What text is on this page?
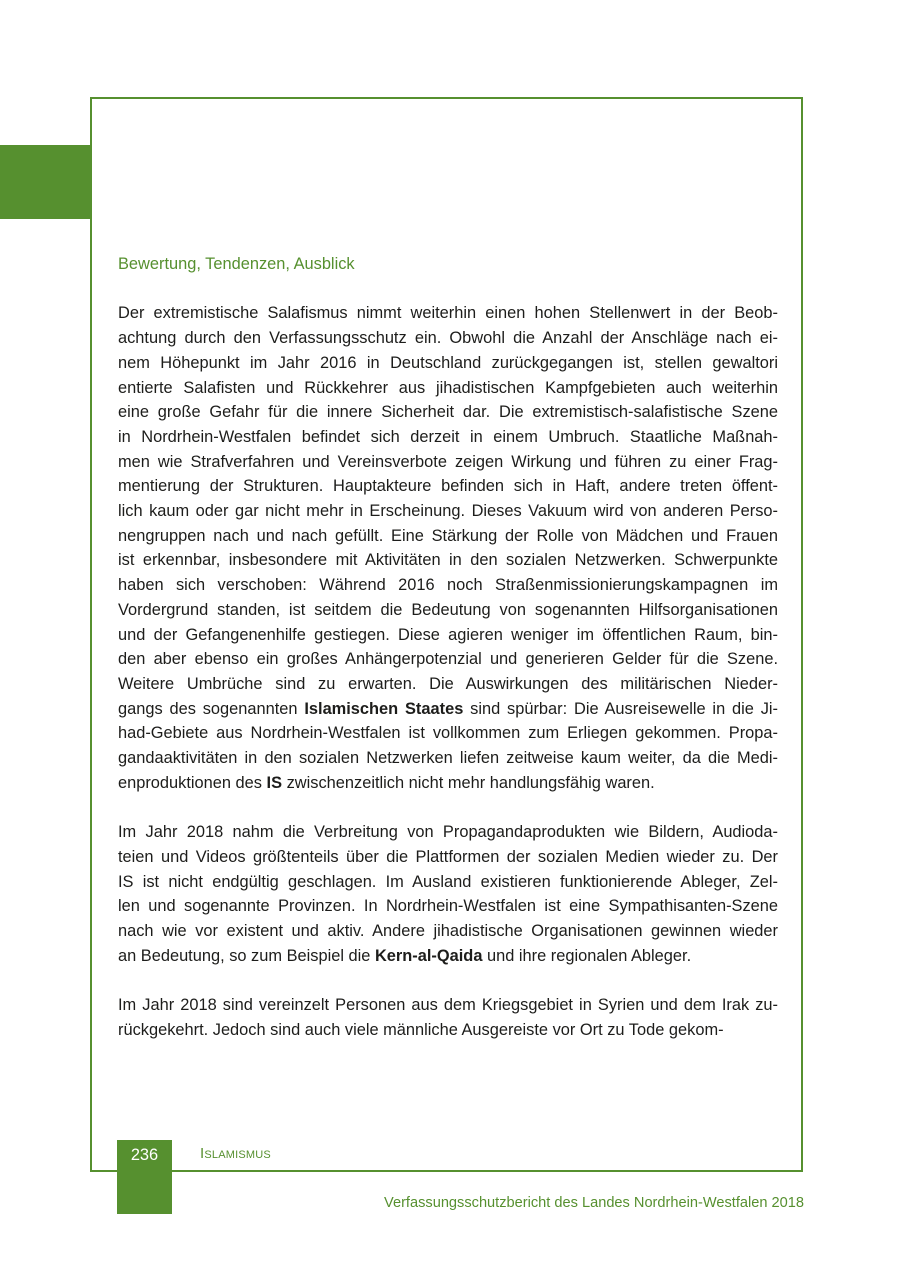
Bewertung, Tendenzen, Ausblick

Der extremistische Salafismus nimmt weiterhin einen hohen Stellenwert in der Beob-
achtung durch den Verfassungsschutz ein. Obwohl die Anzahl der Anschläge nach ei-
nem Höhepunkt im Jahr 2016 in Deutschland zurückgegangen ist, stellen gewaltori
entierte Salafisten und Rückkehrer aus jihadistischen Kampfgebieten auch weiterhin
eine große Gefahr für die innere Sicherheit dar. Die extremistisch-salafistische Szene
in Nordrhein-Westfalen befindet sich derzeit in einem Umbruch. Staatliche Maßnah-
men wie Strafverfahren und Vereinsverbote zeigen Wirkung und führen zu einer Frag-
mentierung der Strukturen. Hauptakteure befinden sich in Haft, andere treten öffent-
lich kaum oder gar nicht mehr in Erscheinung. Dieses Vakuum wird von anderen Perso-
nengruppen nach und nach gefüllt. Eine Stärkung der Rolle von Mädchen und Frauen
ist erkennbar, insbesondere mit Aktivitäten in den sozialen Netzwerken. Schwerpunkte
haben sich verschoben: Während 2016 noch Straßenmissionierungskampagnen im
Vordergrund standen, ist seitdem die Bedeutung von sogenannten Hilfsorganisationen
und der Gefangenenhilfe gestiegen. Diese agieren weniger im öffentlichen Raum, bin-
den aber ebenso ein großes Anhängerpotenzial und generieren Gelder für die Szene.
Weitere Umbrüche sind zu erwarten. Die Auswirkungen des militärischen Nieder-
gangs des sogenannten Islamischen Staates sind spürbar: Die Ausreisewelle in die Ji-
had-Gebiete aus Nordrhein-Westfalen ist vollkommen zum Erliegen gekommen. Propa-
gandaaktivitäten in den sozialen Netzwerken liefen zeitweise kaum weiter, da die Medi-
enproduktionen des IS zwischenzeitlich nicht mehr handlungsfähig waren.

Im Jahr 2018 nahm die Verbreitung von Propagandaprodukten wie Bildern, Audioda-
teien und Videos größtenteils über die Plattformen der sozialen Medien wieder zu. Der
IS ist nicht endgültig geschlagen. Im Ausland existieren funktionierende Ableger, Zel-
len und sogenannte Provinzen. In Nordrhein-Westfalen ist eine Sympathisanten-Szene
nach wie vor existent und aktiv. Andere jihadistische Organisationen gewinnen wieder
an Bedeutung, so zum Beispiel die Kern-al-Qaida und ihre regionalen Ableger.

Im Jahr 2018 sind vereinzelt Personen aus dem Kriegsgebiet in Syrien und dem Irak zu-
rückgekehrt. Jedoch sind auch viele männliche Ausgereiste vor Ort zu Tode gekom-

236	Islamismus
Verfassungsschutzbericht des Landes Nordrhein-Westfalen 2018
